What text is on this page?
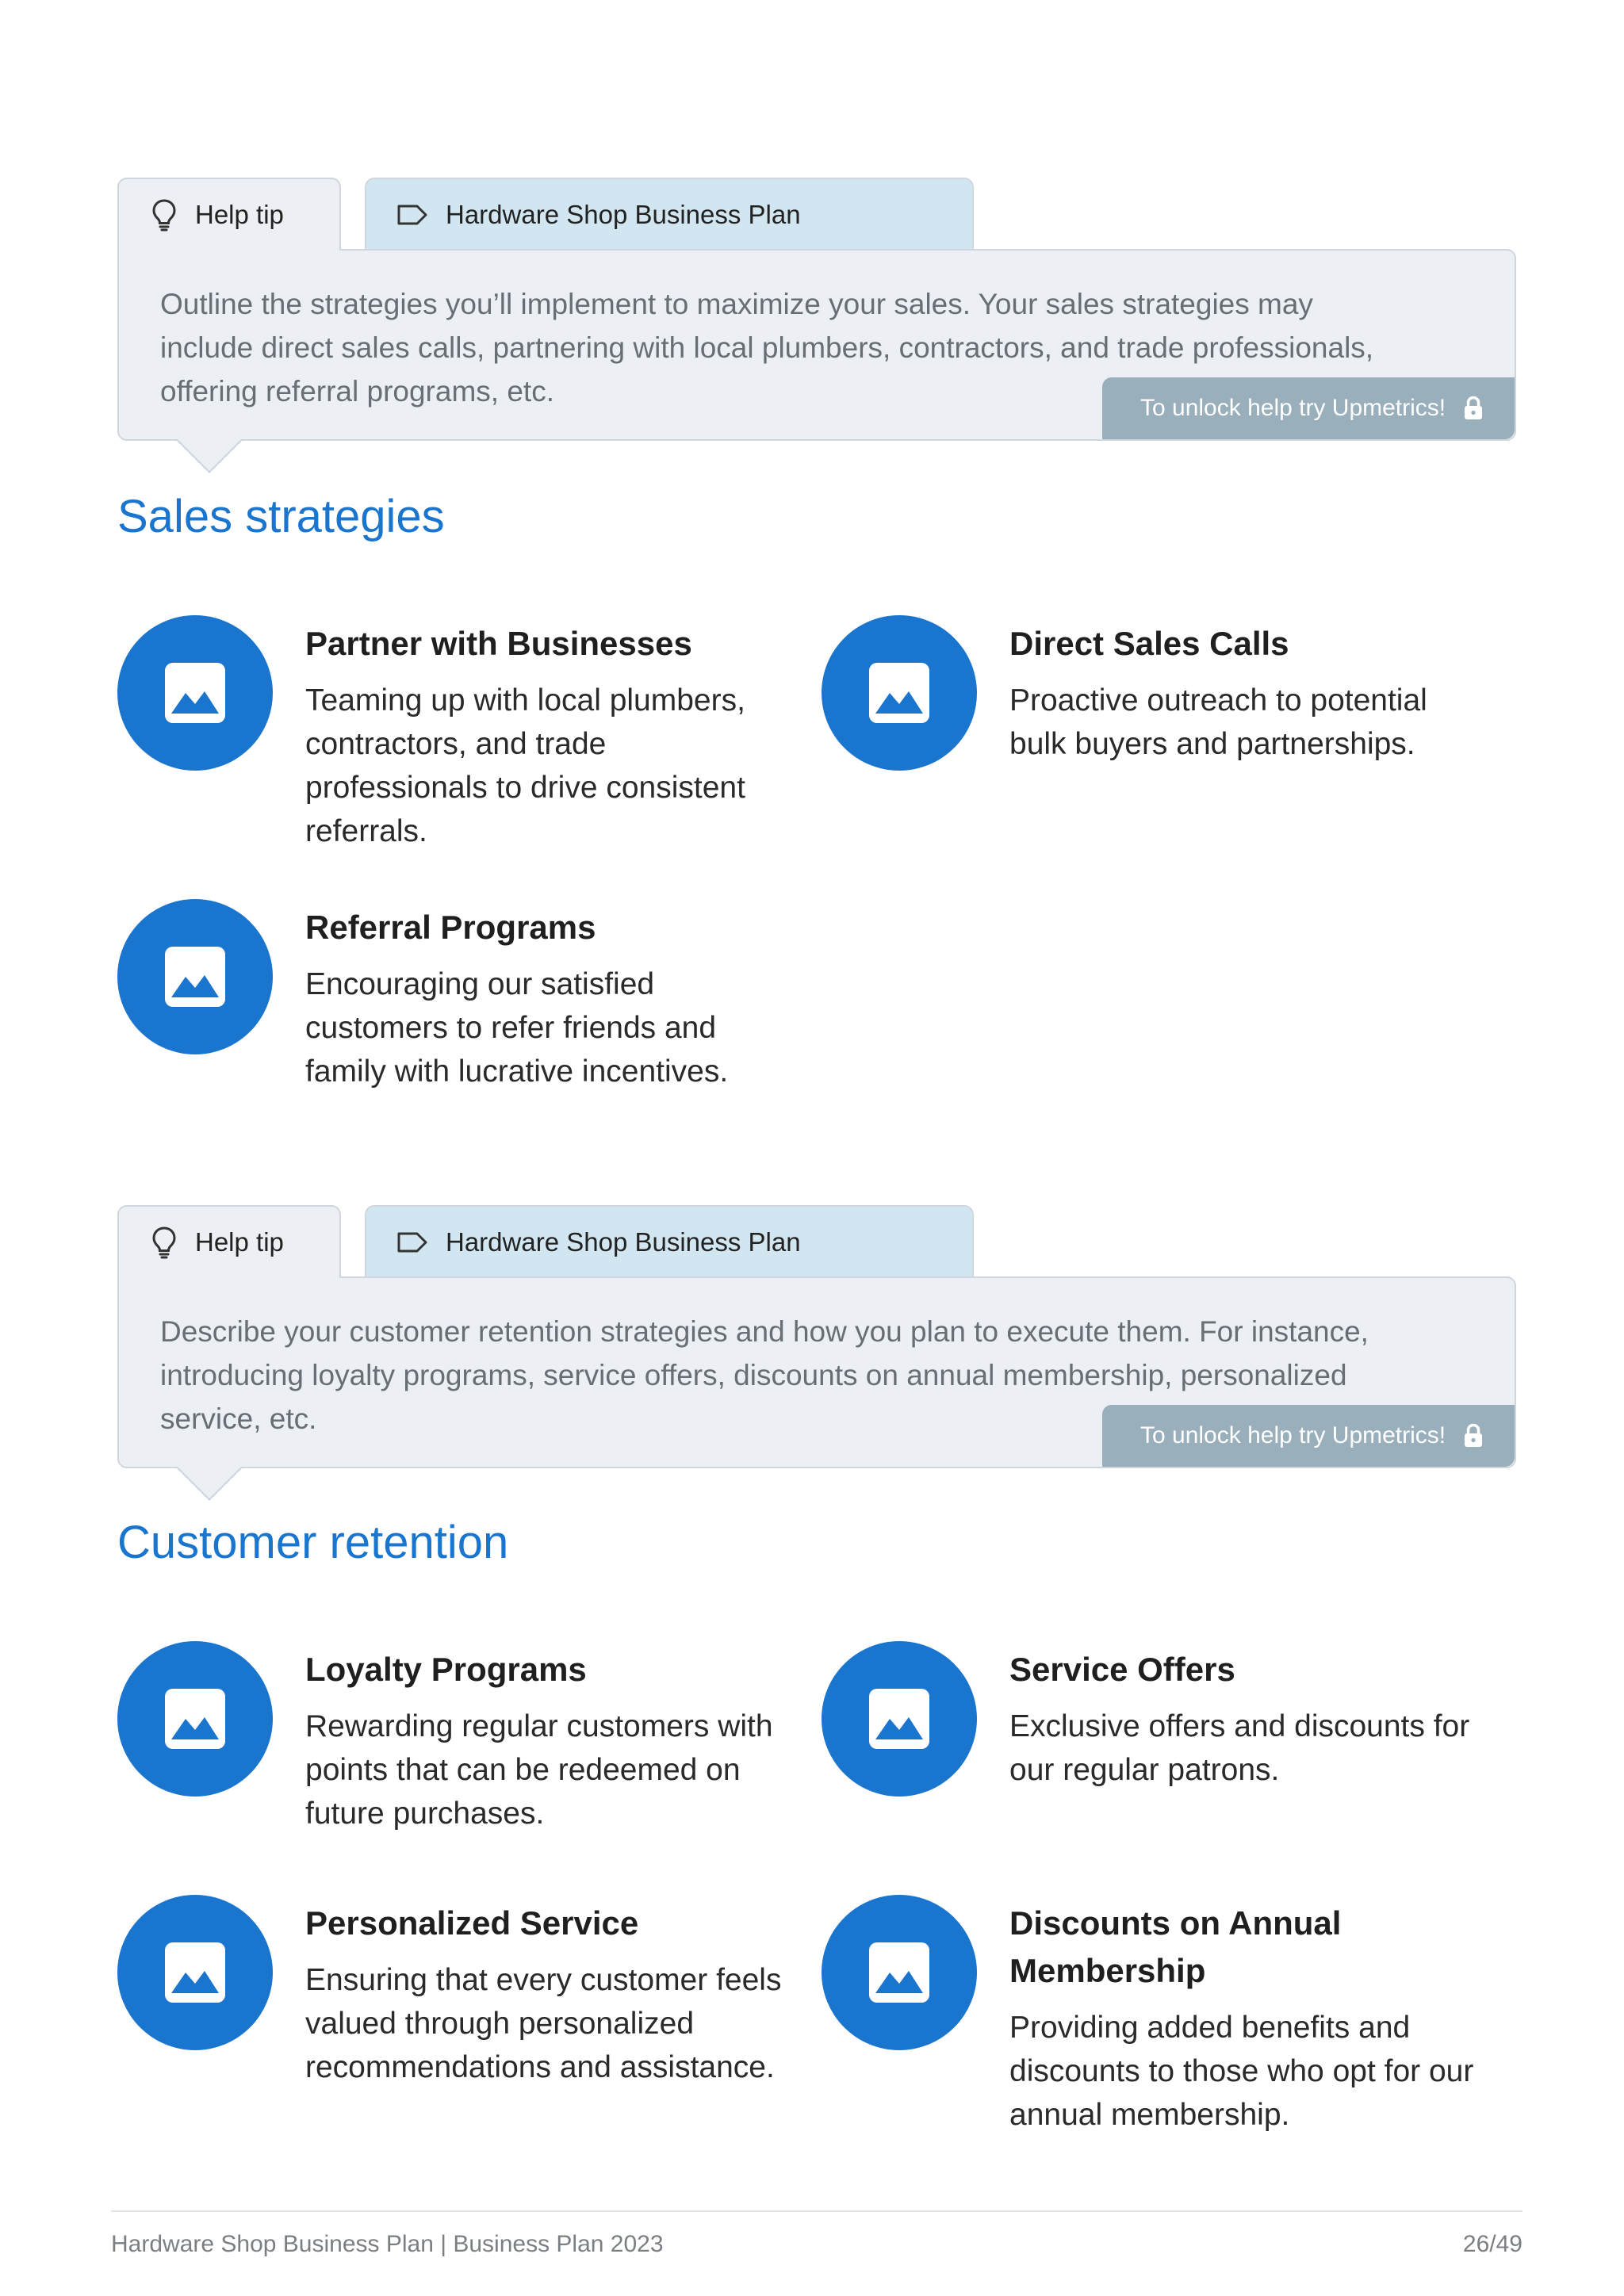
Help tip	Hardware Shop Business Plan
Outline the strategies you’ll implement to maximize your sales. Your sales strategies may
include direct sales calls, partnering with local plumbers, contractors, and trade professionals,
offering referral programs, etc.
To unlock help try Upmetrics!
Sales strategies
Partner with Businesses
Teaming up with local plumbers,
contractors, and trade
professionals to drive consistent
referrals.
Direct Sales Calls
Proactive outreach to potential
bulk buyers and partnerships.
Referral Programs
Encouraging our satisfied
customers to refer friends and
family with lucrative incentives.
Help tip	Hardware Shop Business Plan
Describe your customer retention strategies and how you plan to execute them. For instance,
introducing loyalty programs, service offers, discounts on annual membership, personalized
service, etc.
To unlock help try Upmetrics!
Customer retention
Loyalty Programs
Rewarding regular customers with
points that can be redeemed on
future purchases.
Service Offers
Exclusive offers and discounts for
our regular patrons.
Personalized Service
Ensuring that every customer feels
valued through personalized
recommendations and assistance.
Discounts on Annual
Membership
Providing added benefits and
discounts to those who opt for our
annual membership.
Hardware Shop Business Plan | Business Plan 2023	26/49
